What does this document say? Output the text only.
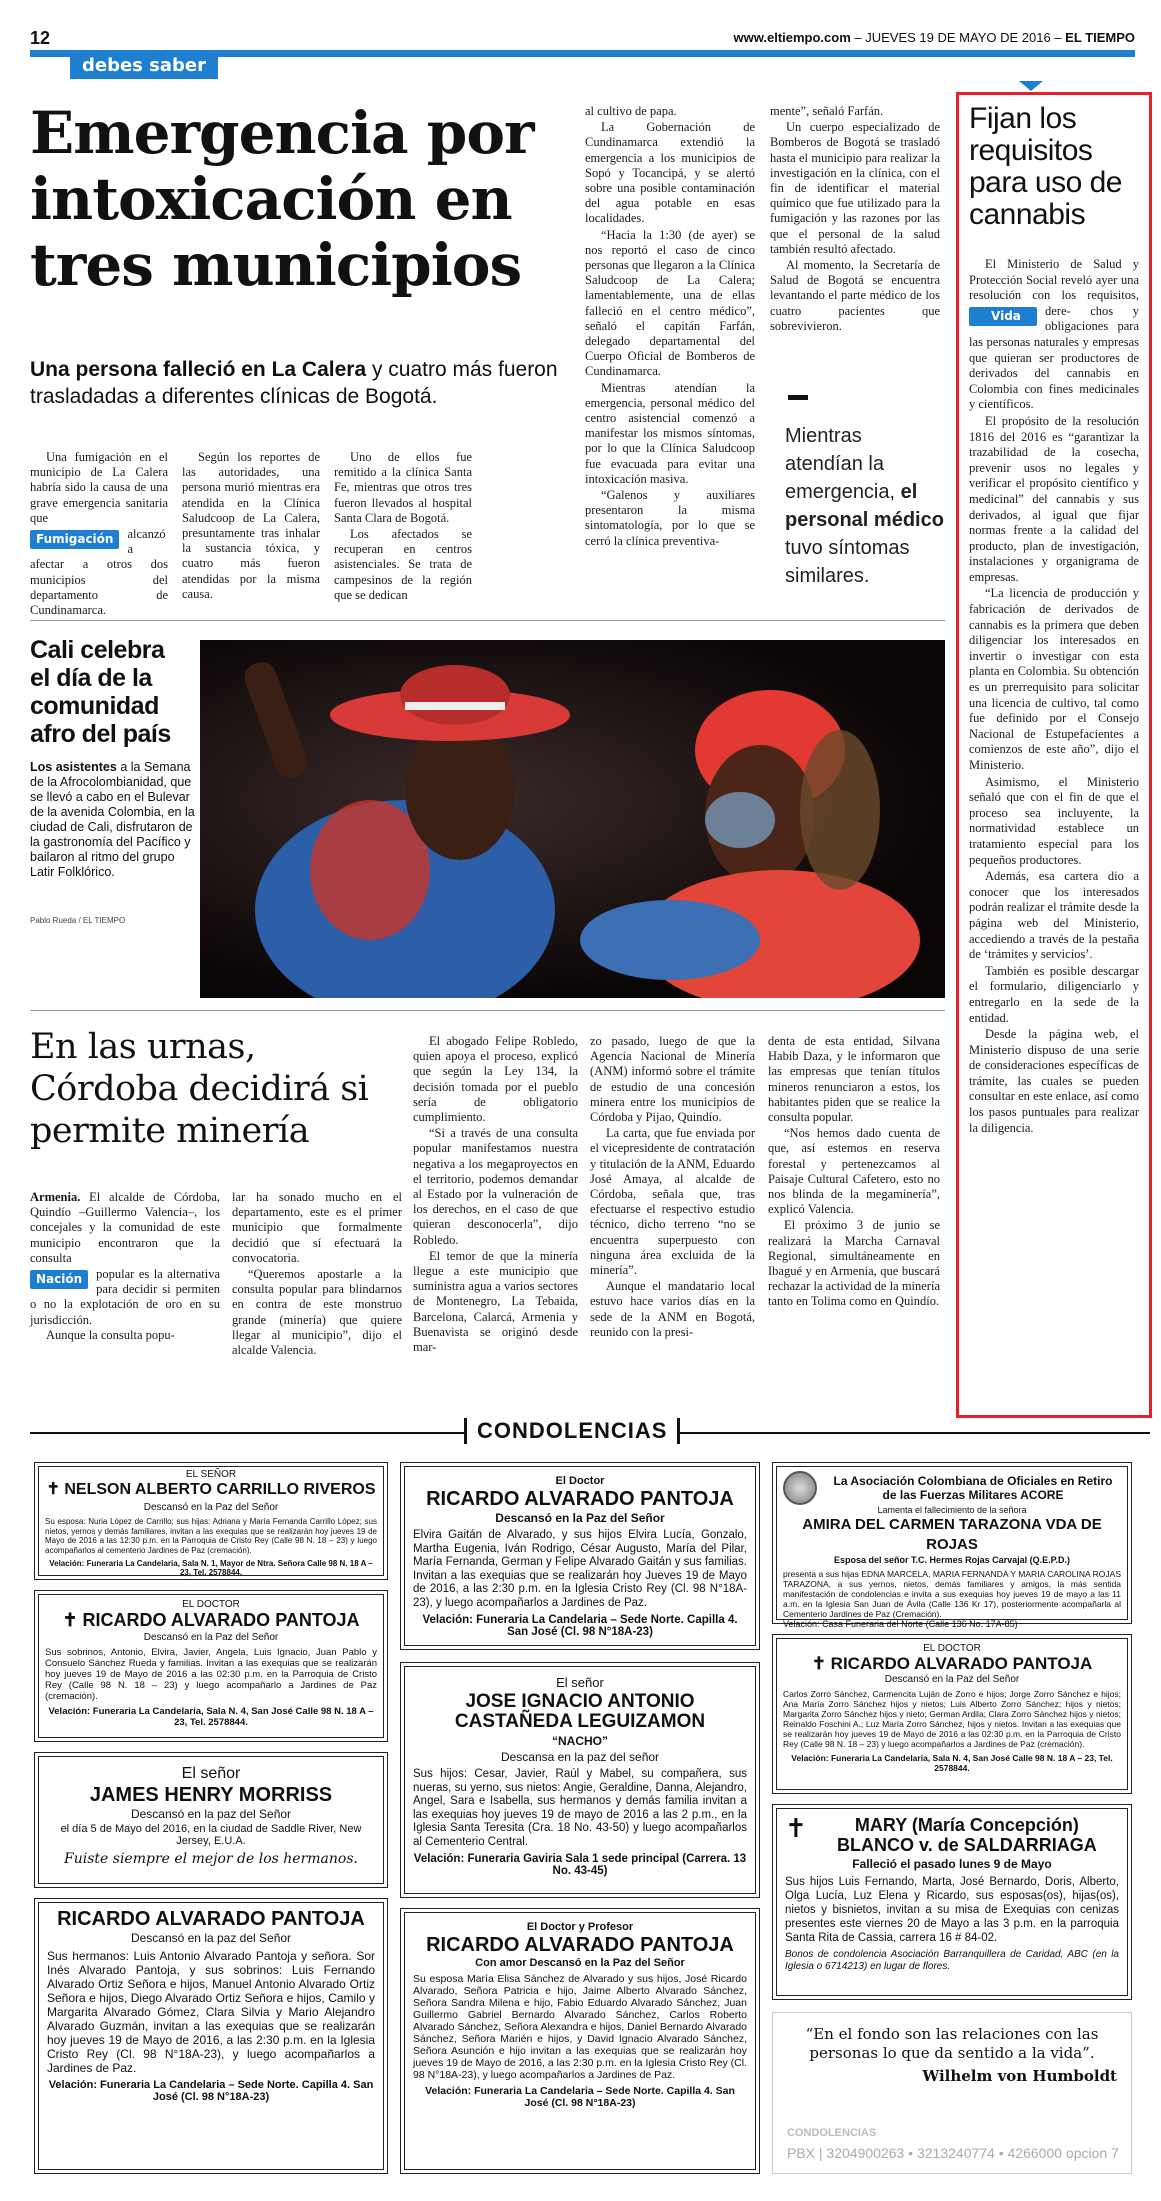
12	www.eltiempo.com – JUEVES 19 DE MAYO DE 2016 – EL TIEMPO
debes saber
Emergencia por intoxicación en tres municipios
Una persona falleció en La Calera y cuatro más fueron trasladadas a diferentes clínicas de Bogotá.

Una fumigación en el municipio de La Calera habría sido la causa de una grave emergencia sanitaria que

Fumigación	alcanzó a afectar a otros dos municipios del departamento de Cundinamarca.

Según los reportes de las autoridades, una persona murió mientras era atendida en la Clínica Saludcoop de La Calera, presuntamente tras inhalar la sustancia tóxica, y cuatro más fueron atendidas por la misma causa.

Uno de ellos fue remitido a la clínica Santa Fe, mientras que otros tres fueron llevados al hospital Santa Clara de Bogotá.

Los afectados se recuperan en centros asistenciales. Se trata de campesinos de la región que se dedican

al cultivo de papa.

La Gobernación de Cundinamarca extendió la emergencia a los municipios de Sopó y Tocancipá, y se alertó sobre una posible contaminación del agua potable en esas localidades.

“Hacia la 1:30 (de ayer) se nos reportó el caso de cinco personas que llegaron a la Clínica Saludcoop de La Calera; lamentablemente, una de ellas falleció en el centro médico”, señaló el capitán Farfán, delegado departamental del Cuerpo Oficial de Bomberos de Cundinamarca.

Mientras atendían la emergencia, personal médico del centro asistencial comenzó a manifestar los mismos síntomas, por lo que la Clínica Saludcoop fue evacuada para evitar una intoxicación masiva.

“Galenos y auxiliares presentaron la misma sintomatología, por lo que se cerró la clínica preventiva-

mente”, señaló Farfán.

Un cuerpo especializado de Bomberos de Bogotá se trasladó hasta el municipio para realizar la investigación en la clínica, con el fin de identificar el material químico que fue utilizado para la fumigación y las razones por las que el personal de la salud también resultó afectado.

Al momento, la Secretaría de Salud de Bogotá se encuentra levantando el parte médico de los cuatro pacientes que sobrevivieron.

Mientras atendían la emergencia, el personal médico tuvo síntomas similares.
Cali celebra el día de la comunidad afro del país
Los asistentes a la Semana de la Afrocolombianidad, que se llevó a cabo en el Bulevar de la avenida Colombia, en la ciudad de Cali, disfrutaron de la gastronomía del Pacífico y bailaron al ritmo del grupo Latir Folklórico.
Pablo Rueda / EL TIEMPO
En las urnas, Córdoba decidirá si permite minería

Armenia. El alcalde de Córdoba, Quindío –Guillermo Valencia–, los concejales y la comunidad de este municipio encontraron que la consulta

Nación	popular es la alternativa para decidir si permiten o no la explotación de oro en su jurisdicción.

Aunque la consulta popu-

lar ha sonado mucho en el departamento, este es el primer municipio que formalmente decidió que sí efectuará la convocatoria.

“Queremos apostarle a la consulta popular para blindarnos en contra de este monstruo grande (minería) que quiere llegar al municipio”, dijo el alcalde Valencia.

El abogado Felipe Robledo, quien apoya el proceso, explicó que según la Ley 134, la decisión tomada por el pueblo sería de obligatorio cumplimiento.

“Si a través de una consulta popular manifestamos nuestra negativa a los megaproyectos en el territorio, podemos demandar al Estado por la vulneración de los derechos, en el caso de que quieran desconocerla”, dijo Robledo.

El temor de que la minería llegue a este municipio que suministra agua a varios sectores de Montenegro, La Tebaida, Barcelona, Calarcá, Armenia y Buenavista se originó desde mar-

zo pasado, luego de que la Agencia Nacional de Minería (ANM) informó sobre el trámite de estudio de una concesión minera entre los municipios de Córdoba y Pijao, Quindío.

La carta, que fue enviada por el vicepresidente de contratación y titulación de la ANM, Eduardo José Amaya, al alcalde de Córdoba, señala que, tras efectuarse el respectivo estudio técnico, dicho terreno “no se encuentra superpuesto con ninguna área excluida de la minería”.

Aunque el mandatario local estuvo hace varios días en la sede de la ANM en Bogotá, reunido con la presi-

denta de esta entidad, Silvana Habib Daza, y le informaron que las empresas que tenían títulos mineros renunciaron a estos, los habitantes piden que se realice la consulta popular.

“Nos hemos dado cuenta de que, así estemos en reserva forestal y pertenezcamos al Paisaje Cultural Cafetero, esto no nos blinda de la megaminería”, explicó Valencia.

El próximo 3 de junio se realizará la Marcha Carnaval Regional, simultáneamente en Ibagué y en Armenia, que buscará rechazar la actividad de la minería tanto en Tolima como en Quindío.

Fijan los requisitos para uso de cannabis

El Ministerio de Salud y Protección Social reveló ayer una resolución con los requisitos, dere-
Vida	chos y obligaciones para las personas naturales y empresas que quieran ser productores de derivados del cannabis en Colombia con fines medicinales y científicos.

El propósito de la resolución 1816 del 2016 es “garantizar la trazabilidad de la cosecha, prevenir usos no legales y verificar el propósito científico y medicinal” del cannabis y sus derivados, al igual que fijar normas frente a la calidad del producto, plan de investigación, instalaciones y organigrama de empresas.

“La licencia de producción y fabricación de derivados de cannabis es la primera que deben diligenciar los interesados en invertir o investigar con esta planta en Colombia. Su obtención es un prerrequisito para solicitar una licencia de cultivo, tal como fue definido por el Consejo Nacional de Estupefacientes a comienzos de este año”, dijo el Ministerio.

Asimismo, el Ministerio señaló que con el fin de que el proceso sea incluyente, la normatividad establece un tratamiento especial para los pequeños productores.

Además, esa cartera dio a conocer que los interesados podrán realizar el trámite desde la página web del Ministerio, accediendo a través de la pestaña de ‘trámites y servicios’.

También es posible descargar el formulario, diligenciarlo y entregarlo en la sede de la entidad.

Desde la página web, el Ministerio dispuso de una serie de consideraciones específicas de trámite, las cuales se pueden consultar en este enlace, así como los pasos puntuales para realizar la diligencia.

CONDOLENCIAS
EL SEÑOR
✝ NELSON ALBERTO CARRILLO RIVEROS
Descansó en la Paz del Señor
Su esposa: Nuria López de Carrillo; sus hijas: Adriana y María Fernanda Carrillo López; sus nietos, yernos y demás familiares, invitan a las exequias que se realizarán hoy jueves 19 de Mayo de 2016 a las 12:30 p.m. en la Parroquia de Cristo Rey (Calle 98 N. 18 – 23) y luego acompañarlos al cementerio Jardines de Paz (cremación).
Velación: Funeraria La Candelaria, Sala N. 1, Mayor de Ntra. Señora Calle 98 N. 18 A – 23, Tel. 2578844.
EL DOCTOR
✝ RICARDO ALVARADO PANTOJA
Descansó en la Paz del Señor
Sus sobrinos, Antonio, Elvira, Javier, Angela, Luis Ignacio, Juan Pablo y Consuelo Sánchez Rueda y familias. Invitan a las exequias que se realizarán hoy jueves 19 de Mayo de 2016 a las 02:30 p.m. en la Parroquia de Cristo Rey (Calle 98 N. 18 – 23) y luego acompañarlo a Jardines de Paz (cremación).
Velación: Funeraria La Candelaria, Sala N. 4, San José Calle 98 N. 18 A – 23, Tel. 2578844.
El señor
JAMES HENRY MORRISS
Descansó en la paz del Señor
el día 5 de Mayo del 2016, en la ciudad de Saddle River, New Jersey, E.U.A.
Fuiste siempre el mejor de los hermanos.
RICARDO ALVARADO PANTOJA
Descansó en la paz del Señor
Sus hermanos: Luis Antonio Alvarado Pantoja y señora. Sor Inés Alvarado Pantoja, y sus sobrinos: Luis Fernando Alvarado Ortiz Señora e hijos, Manuel Antonio Alvarado Ortiz Señora e hijos, Diego Alvarado Ortiz Señora e hijos, Camilo y Margarita Alvarado Gómez, Clara Silvia y Mario Alejandro Alvarado Guzmán, invitan a las exequias que se realizarán hoy jueves 19 de Mayo de 2016, a las 2:30 p.m. en la Iglesia Cristo Rey (Cl. 98 N°18A-23), y luego acompañarlos a Jardines de Paz.
Velación: Funeraria La Candelaria – Sede Norte. Capilla 4. San José (Cl. 98 N°18A-23)
El Doctor
RICARDO ALVARADO PANTOJA
Descansó en la Paz del Señor
Elvira Gaitán de Alvarado, y sus hijos Elvira Lucía, Gonzalo, Martha Eugenia, Iván Rodrigo, César Augusto, María del Pilar, María Fernanda, German y Felipe Alvarado Gaitán y sus familias. Invitan a las exequias que se realizarán hoy Jueves 19 de Mayo de 2016, a las 2:30 p.m. en la Iglesia Cristo Rey (Cl. 98 N°18A-23), y luego acompañarlos a Jardines de Paz.
Velación: Funeraria La Candelaria – Sede Norte. Capilla 4. San José (Cl. 98 N°18A-23)
El señor
JOSE IGNACIO ANTONIO CASTAÑEDA LEGUIZAMON
“NACHO”
Descansa en la paz del señor
Sus hijos: Cesar, Javier, Raúl y Mabel, su compañera, sus nueras, su yerno, sus nietos: Angie, Geraldine, Danna, Alejandro, Angel, Sara e Isabella, sus hermanos y demás familia invitan a las exequias hoy jueves 19 de mayo de 2016 a las 2 p.m., en la Iglesia Santa Teresita (Cra. 18 No. 43-50) y luego acompañarlos al Cementerio Central.
Velación: Funeraria Gaviria Sala 1 sede principal (Carrera. 13 No. 43-45)
El Doctor y Profesor
RICARDO ALVARADO PANTOJA
Con amor Descansó en la Paz del Señor
Su esposa María Elisa Sánchez de Alvarado y sus hijos, José Ricardo Alvarado, Señora Patricia e hijo, Jaime Alberto Alvarado Sánchez, Señora Sandra Milena e hijo, Fabio Eduardo Alvarado Sánchez, Juan Guillermo Gabriel Bernardo Alvarado Sánchez, Carlos Roberto Alvarado Sánchez, Señora Alexandra e hijos, Daniel Bernardo Alvarado Sánchez, Señora Marién e hijos, y David Ignacio Alvarado Sánchez, Señora Asunción e hijo invitan a las exequias que se realizarán hoy jueves 19 de Mayo de 2016, a las 2:30 p.m. en la Iglesia Cristo Rey (Cl. 98 N°18A-23), y luego acompañarlos a Jardines de Paz.
Velación: Funeraria La Candelaria – Sede Norte. Capilla 4. San José (Cl. 98 N°18A-23)
La Asociación Colombiana de Oficiales en Retiro de las Fuerzas Militares ACORE
Lamenta el fallecimiento de la señora
AMIRA DEL CARMEN TARAZONA VDA DE ROJAS
Esposa del señor T.C. Hermes Rojas Carvajal (Q.E.P.D.)
presenta a sus hijas EDNA MARCELA, MARIA FERNANDA Y MARIA CAROLINA ROJAS TARAZONA, a sus yernos, nietos, demás familiares y amigos, la más sentida manifestación de condolencias e invita a sus exequias hoy jueves 19 de mayo a las 11 a.m. en la Iglesia San Juan de Ávila (Calle 136 Kr 17), posteriormente acompañarla al Cementerio Jardines de Paz (Cremación).
Velación: Casa Funeraria del Norte (Calle 136 No. 17A-85)
EL DOCTOR
✝ RICARDO ALVARADO PANTOJA
Descansó en la Paz del Señor
Carlos Zorro Sánchez, Carmencita Luján de Zorro e hijos; Jorge Zorro Sánchez e hijos; Ana María Zorro Sánchez hijos y nietos; Luis Alberto Zorro Sánchez; hijos y nietos; Margarita Zorro Sánchez hijos y nieto; German Ardila; Clara Zorro Sánchez hijos y nietos; Reinaldo Foschini A.; Luz María Zorro Sánchez, hijos y nietos. Invitan a las exequias que se realizarán hoy jueves 19 de Mayo de 2016 a las 02:30 p.m. en la Parroquia de Cristo Rey (Calle 98 N. 18 – 23) y luego acompañarlos a Jardines de Paz (cremación).
Velación: Funeraria La Candelaria, Sala N. 4, San José Calle 98 N. 18 A – 23, Tel. 2578844.
✝	MARY (María Concepción)
BLANCO v. de SALDARRIAGA
Falleció el pasado lunes 9 de Mayo
Sus hijos Luis Fernando, Marta, José Bernardo, Doris, Alberto, Olga Lucía, Luz Elena y Ricardo, sus esposas(os), hijas(os), nietos y bisnietos, invitan a su misa de Exequias con cenizas presentes este viernes 20 de Mayo a las 3 p.m. en la parroquia Santa Rita de Cassia, carrera 16 # 84-02.
Bonos de condolencia Asociación Barranquillera de Caridad, ABC (en la Iglesia o 6714213) en lugar de flores.
“En el fondo son las relaciones con las personas lo que da sentido a la vida”.
Wilhelm von Humboldt
CONDOLENCIAS
PBX | 3204900263 • 3213240774 • 4266000 opcion 7
